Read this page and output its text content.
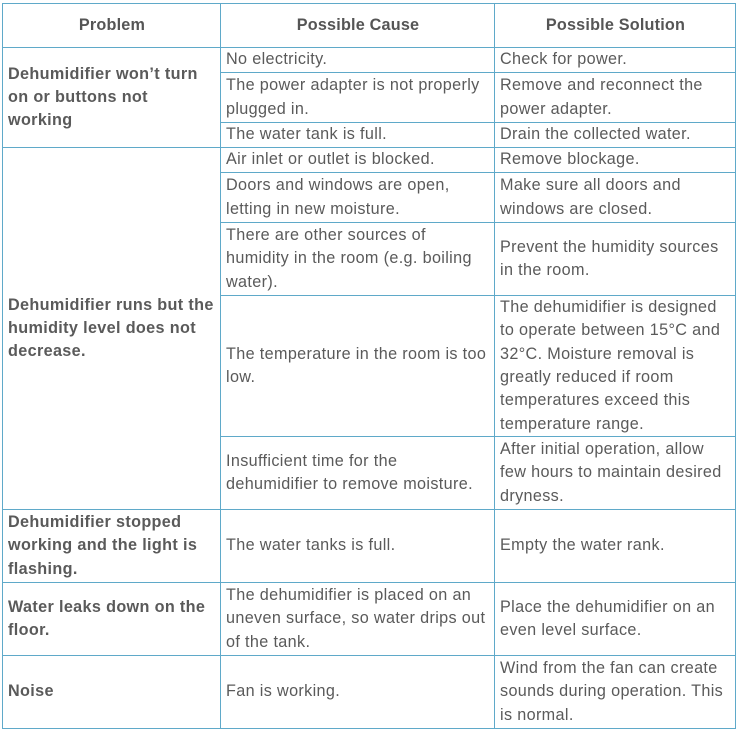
Problem	Possible Cause	Possible Solution
Dehumidifier won’t turn on or buttons not working	No electricity.	Check for power.
	The power adapter is not properly plugged in.	Remove and reconnect the power adapter.
	The water tank is full.	Drain the collected water.
Dehumidifier runs but the humidity level does not decrease.	Air inlet or outlet is blocked.	Remove blockage.
	Doors and windows are open, letting in new moisture.	Make sure all doors and windows are closed.
	There are other sources of humidity in the room (e.g. boiling water).	Prevent the humidity sources in the room.
	The temperature in the room is too low.	The dehumidifier is designed to operate between 15°C and 32°C. Moisture removal is greatly reduced if room temperatures exceed this temperature range.
	Insufficient time for the dehumidifier to remove moisture.	After initial operation, allow few hours to maintain desired dryness.
Dehumidifier stopped working and the light is flashing.	The water tanks is full.	Empty the water rank.
Water leaks down on the floor.	The dehumidifier is placed on an uneven surface, so water drips out of the tank.	Place the dehumidifier on an even level surface.
Noise	Fan is working.	Wind from the fan can create sounds during operation. This is normal.
